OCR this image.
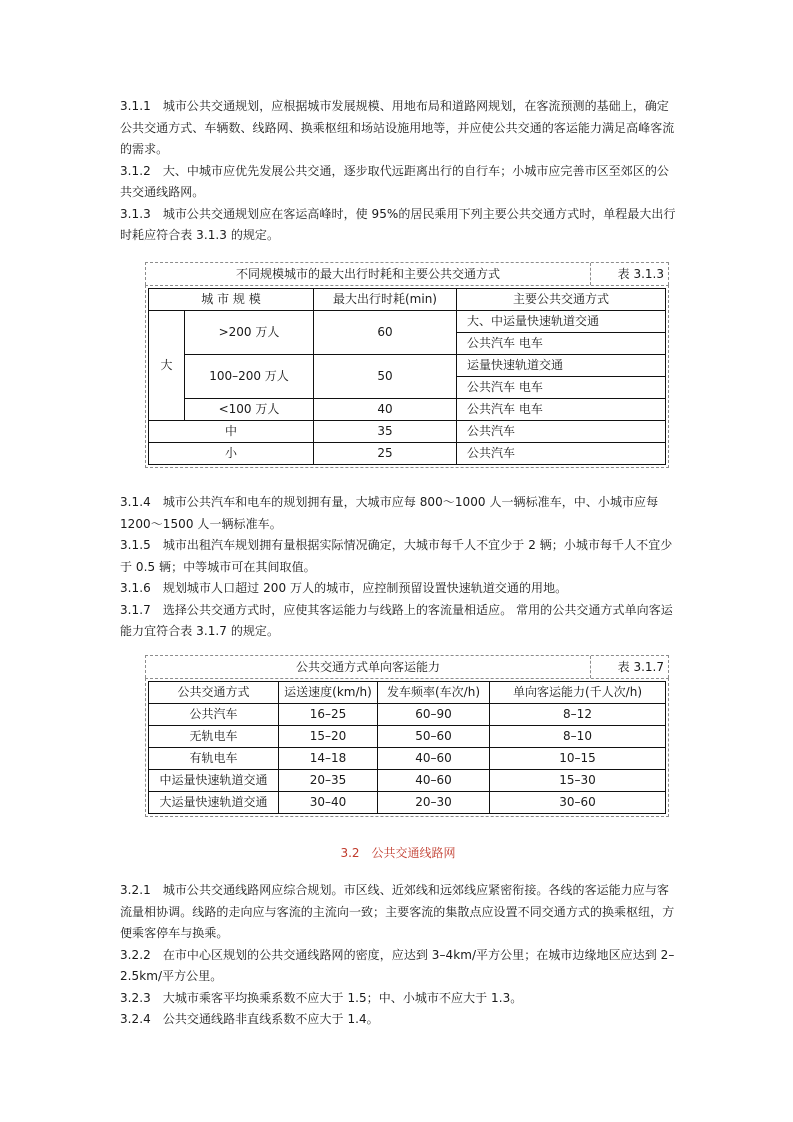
3.1.1　城市公共交通规划，应根据城市发展规模、用地布局和道路网规划，在客流预测的基础上，确定公共交通方式、车辆数、线路网、换乘枢纽和场站设施用地等，并应使公共交通的客运能力满足高峰客流的需求。

3.1.2　大、中城市应优先发展公共交通，逐步取代远距离出行的自行车；小城市应完善市区至郊区的公共交通线路网。

3.1.3　城市公共交通规划应在客运高峰时，使 95%的居民乘用下列主要公共交通方式时，单程最大出行时耗应符合表 3.1.3 的规定。

不同规模城市的最大出行时耗和主要公共交通方式	表 3.1.3
城 市 规 模		最大出行时耗(min)	主要公共交通方式
大	>200 万人	60	大、中运量快速轨道交通
			公共汽车 电车
	100–200 万人	50	运量快速轨道交通
			公共汽车 电车
	<100 万人	40	公共汽车 电车
中		35	公共汽车
小		25	公共汽车

3.1.4　城市公共汽车和电车的规划拥有量，大城市应每 800～1000 人一辆标准车，中、小城市应每 1200～1500 人一辆标准车。

3.1.5　城市出租汽车规划拥有量根据实际情况确定，大城市每千人不宜少于 2 辆；小城市每千人不宜少于 0.5 辆；中等城市可在其间取值。

3.1.6　规划城市人口超过 200 万人的城市，应控制预留设置快速轨道交通的用地。

3.1.7　选择公共交通方式时，应使其客运能力与线路上的客流量相适应。 常用的公共交通方式单向客运能力宜符合表 3.1.7 的规定。

公共交通方式单向客运能力	表 3.1.7
公共交通方式	运送速度(km/h)	发车频率(车次/h)	单向客运能力(千人次/h)
公共汽车	16–25	60–90	8–12
无轨电车	15–20	50–60	8–10
有轨电车	14–18	40–60	10–15
中运量快速轨道交通	20–35	40–60	15–30
大运量快速轨道交通	30–40	20–30	30–60
3.2　公共交通线路网

3.2.1　城市公共交通线路网应综合规划。市区线、近郊线和远郊线应紧密衔接。各线的客运能力应与客流量相协调。线路的走向应与客流的主流向一致；主要客流的集散点应设置不同交通方式的换乘枢纽，方便乘客停车与换乘。

3.2.2　在市中心区规划的公共交通线路网的密度，应达到 3–4km/平方公里；在城市边缘地区应达到 2–2.5km/平方公里。

3.2.3　大城市乘客平均换乘系数不应大于 1.5；中、小城市不应大于 1.3。

3.2.4　公共交通线路非直线系数不应大于 1.4。
